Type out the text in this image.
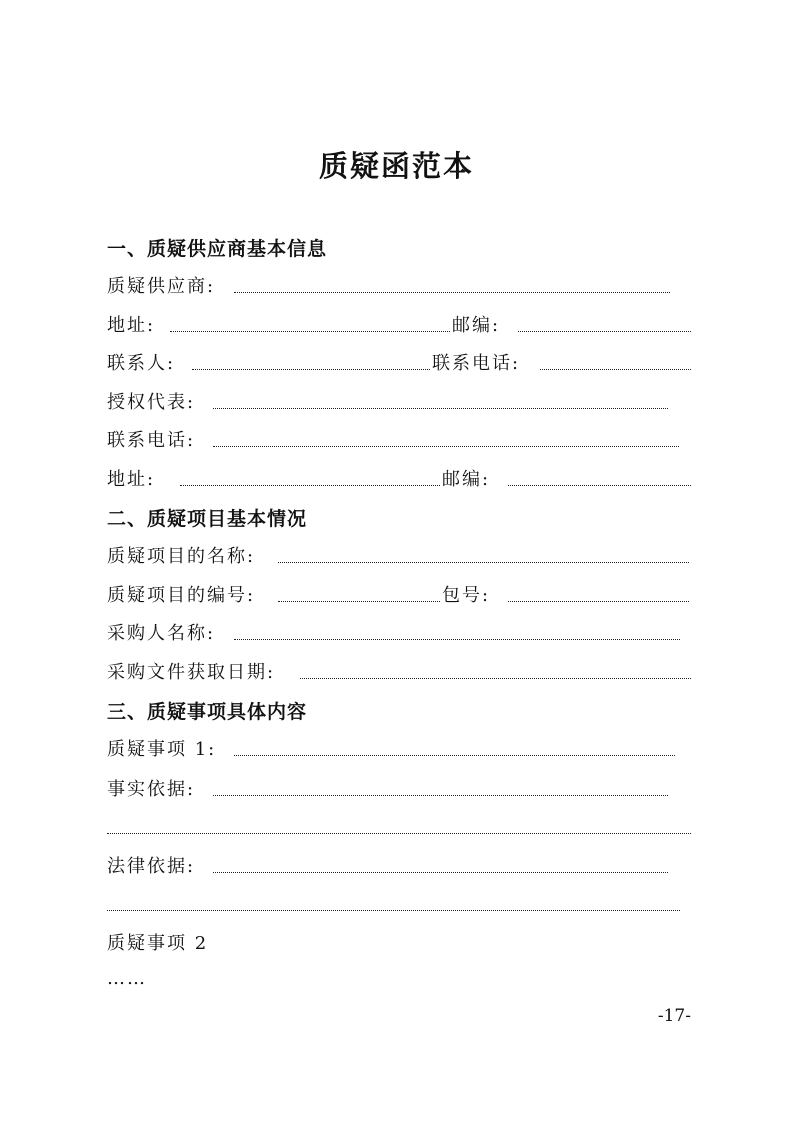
质疑函范本
一、质疑供应商基本信息
质疑供应商:
地址:	邮编:
联系人:	联系电话:
授权代表:
联系电话:
地址:	邮编:
二、质疑项目基本情况
质疑项目的名称:
质疑项目的编号:	包号:
采购人名称:
采购文件获取日期:
三、质疑事项具体内容
质疑事项 1:
事实依据:
法律依据:
质疑事项 2
……
-17-
